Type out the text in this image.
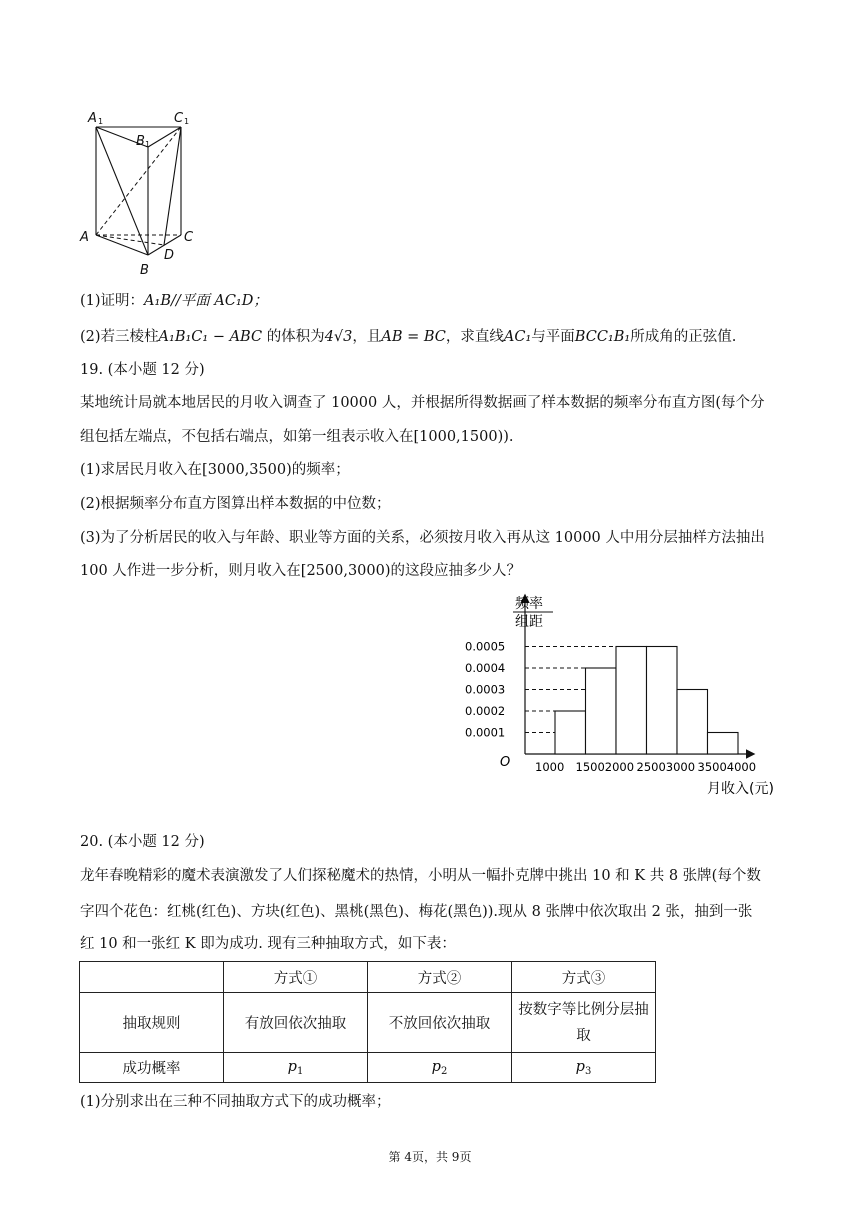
A 1	C 1
B 1
A	C
D
B
(1)证明：A₁B//平面 AC₁D；
(2)若三棱柱A₁B₁C₁ − ABC 的体积为4√3，且AB = BC，求直线AC₁与平面BCC₁B₁所成角的正弦值.
19. (本小题 12 分)
某地统计局就本地居民的月收入调查了 10000 人，并根据所得数据画了样本数据的频率分布直方图(每个分
组包括左端点，不包括右端点，如第一组表示收入在[1000,1500)).
(1)求居民月收入在[3000,3500)的频率；
(2)根据频率分布直方图算出样本数据的中位数；
(3)为了分析居民的收入与年龄、职业等方面的关系，必须按月收入再从这 10000 人中用分层抽样方法抽出
100 人作进一步分析，则月收入在[2500,3000)的这段应抽多少人？
频率
组距
O
月收入(元)
0.0001
0.0002
0.0003
0.0004
0.0005
1000 15002000 25003000 35004000
20. (本小题 12 分)
龙年春晚精彩的魔术表演激发了人们探秘魔术的热情，小明从一幅扑克牌中挑出 10 和 K 共 8 张牌(每个数
字四个花色：红桃(红色)、方块(红色)、黑桃(黑色)、梅花(黑色)).现从 8 张牌中依次取出 2 张，抽到一张
红 10 和一张红 K 即为成功. 现有三种抽取方式，如下表：
	方式①	方式②	方式③
抽取规则	有放回依次抽取	不放回依次抽取	按数字等比例分层抽
取

成功概率	$p_1$	$p_2$	$p_3$
(1)分别求出在三种不同抽取方式下的成功概率；
第 4页，共 9页
